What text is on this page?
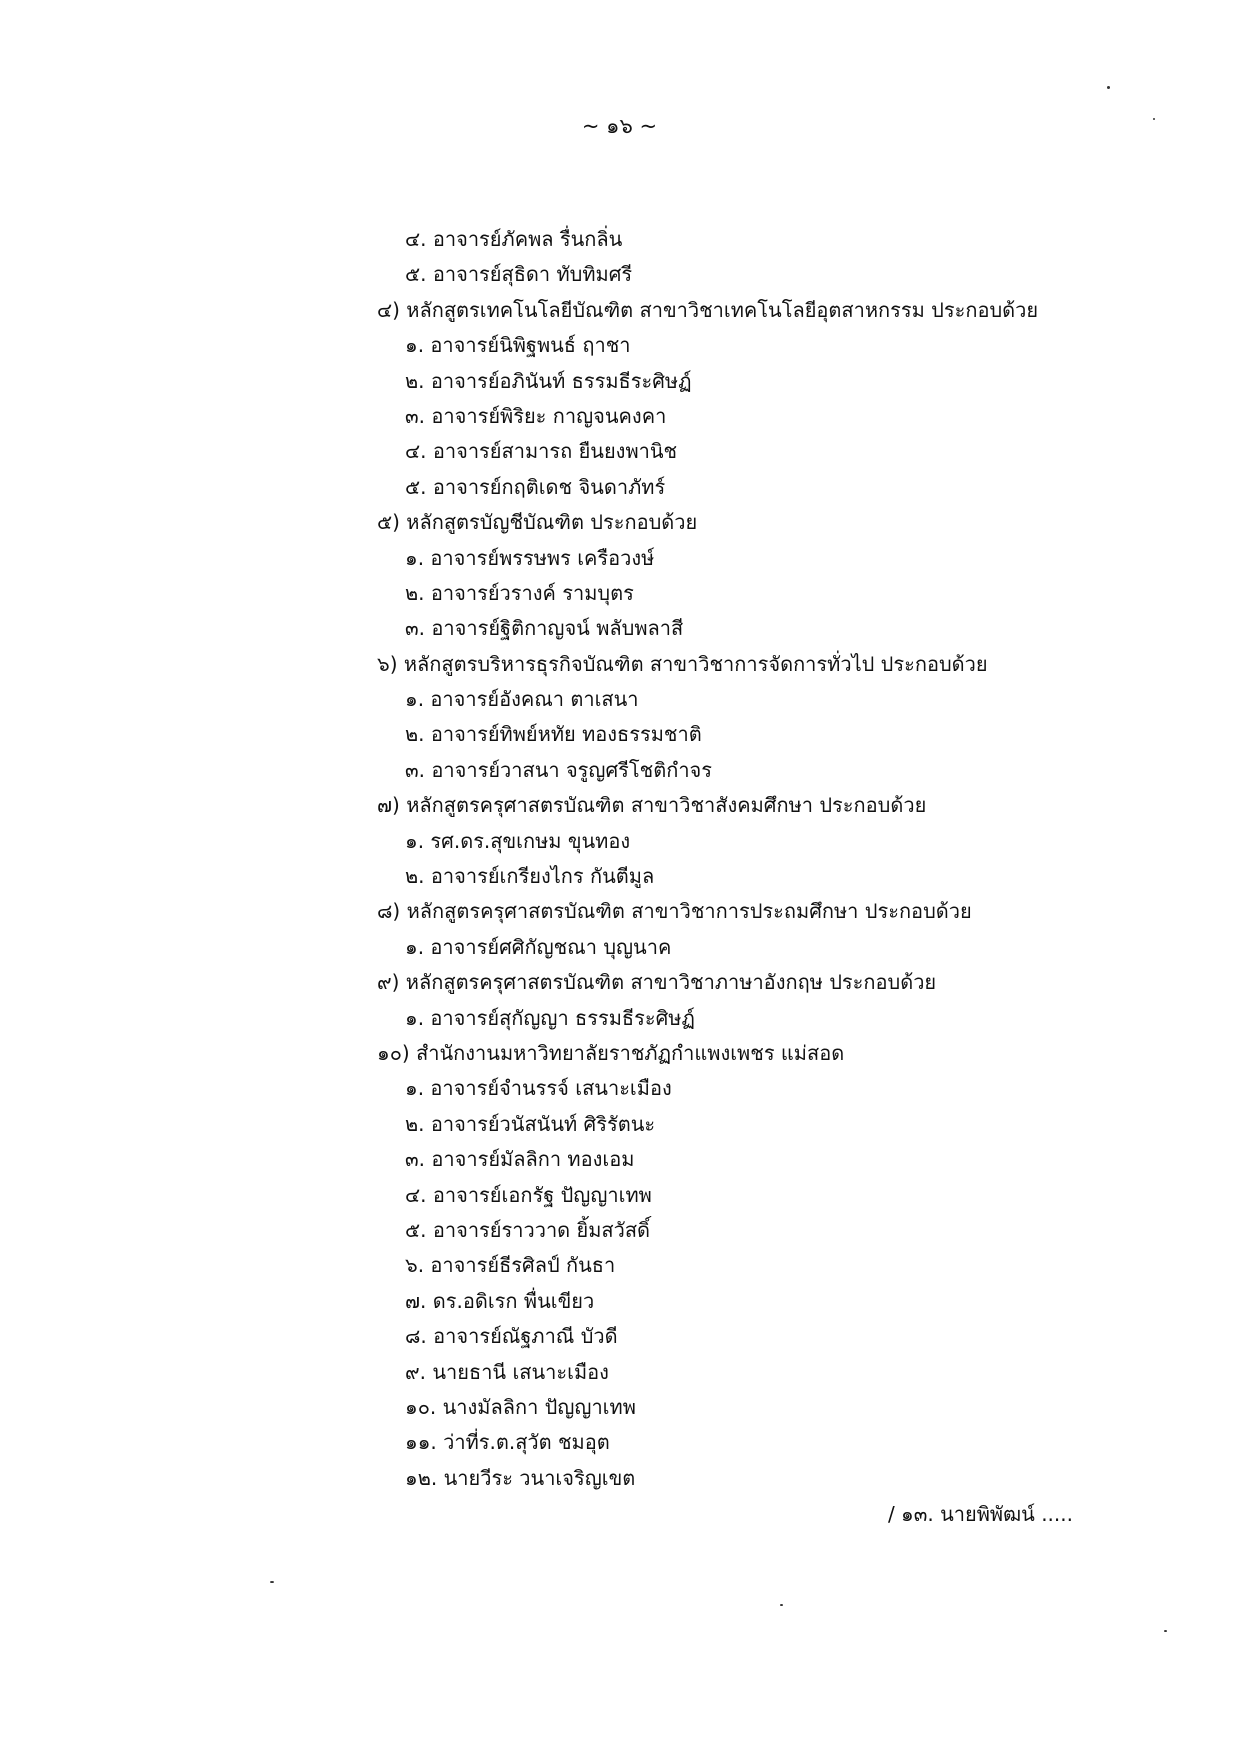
~ ๑๖ ~
๔. อาจารย์ภัคพล รื่นกลิ่น
๕. อาจารย์สุธิดา ทับทิมศรี
๔) หลักสูตรเทคโนโลยีบัณฑิต สาขาวิชาเทคโนโลยีอุตสาหกรรม ประกอบด้วย
๑. อาจารย์นิพิฐพนธ์ ฤาชา
๒. อาจารย์อภินันท์ ธรรมธีระศิษฏ์
๓. อาจารย์พิริยะ กาญจนคงคา
๔. อาจารย์สามารถ ยืนยงพานิช
๕. อาจารย์กฤติเดช จินดาภัทร์
๕) หลักสูตรบัญชีบัณฑิต ประกอบด้วย
๑. อาจารย์พรรษพร เครือวงษ์
๒. อาจารย์วรางค์ รามบุตร
๓. อาจารย์ฐิติกาญจน์ พลับพลาสี
๖) หลักสูตรบริหารธุรกิจบัณฑิต สาขาวิชาการจัดการทั่วไป ประกอบด้วย
๑. อาจารย์อังคณา ตาเสนา
๒. อาจารย์ทิพย์หทัย ทองธรรมชาติ
๓. อาจารย์วาสนา จรูญศรีโชติกำจร
๗) หลักสูตรครุศาสตรบัณฑิต สาขาวิชาสังคมศึกษา ประกอบด้วย
๑. รศ.ดร.สุขเกษม ขุนทอง
๒. อาจารย์เกรียงไกร กันตีมูล
๘) หลักสูตรครุศาสตรบัณฑิต สาขาวิชาการประถมศึกษา ประกอบด้วย
๑. อาจารย์ศศิกัญชณา บุญนาค
๙) หลักสูตรครุศาสตรบัณฑิต สาขาวิชาภาษาอังกฤษ ประกอบด้วย
๑. อาจารย์สุกัญญา ธรรมธีระศิษฏ์
๑๐) สำนักงานมหาวิทยาลัยราชภัฏกำแพงเพชร แม่สอด
๑. อาจารย์จำนรรจ์ เสนาะเมือง
๒. อาจารย์วนัสนันท์ ศิริรัตนะ
๓. อาจารย์มัลลิกา ทองเอม
๔. อาจารย์เอกรัฐ ปัญญาเทพ
๕. อาจารย์ราววาด ยิ้มสวัสดิ์
๖. อาจารย์ธีรศิลป์ กันธา
๗. ดร.อดิเรก พื่นเขียว
๘. อาจารย์ณัฐภาณี บัวดี
๙. นายธานี เสนาะเมือง
๑๐. นางมัลลิกา ปัญญาเทพ
๑๑. ว่าที่ร.ต.สุวัต ชมอุต
๑๒. นายวีระ วนาเจริญเขต
/ ๑๓. นายพิพัฒน์ .....
